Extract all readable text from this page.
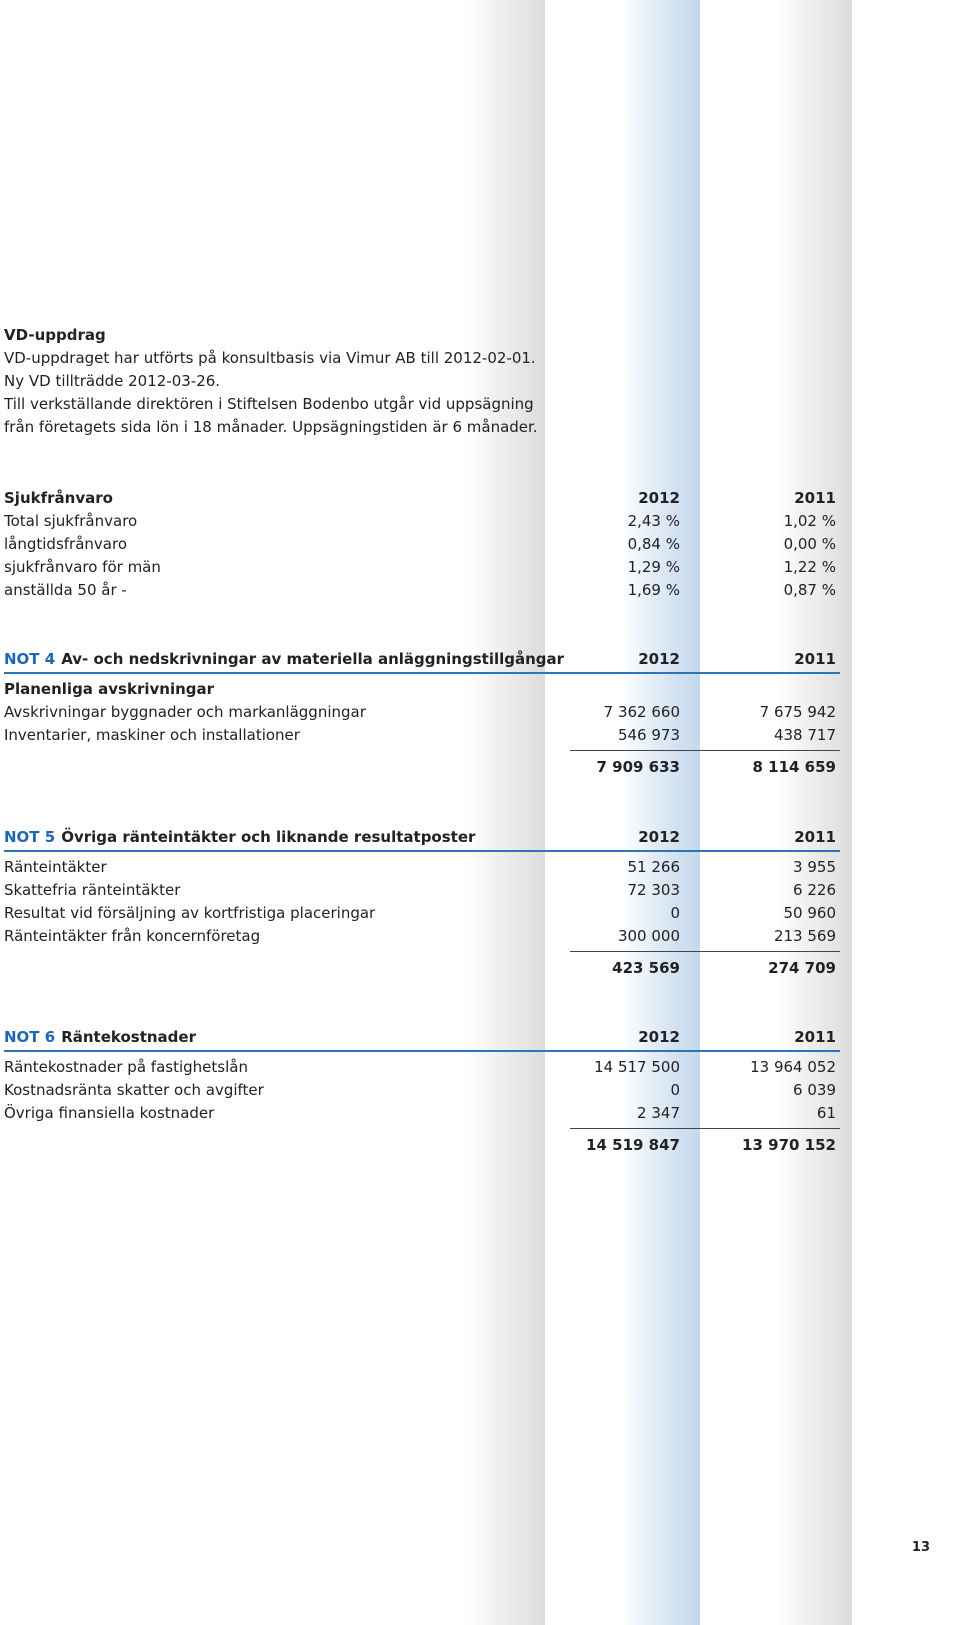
VD-uppdrag

VD-uppdraget har utförts på konsultbasis via Vimur AB till 2012-02-01.

Ny VD tillträdde 2012-03-26.

Till verkställande direktören i Stiftelsen Bodenbo utgår vid uppsägning

från företagets sida lön i 18 månader. Uppsägningstiden är 6 månader.

Sjukfrånvaro	2012	2011
Total sjukfrånvaro	2,43 %	1,02 %
långtidsfrånvaro	0,84 %	0,00 %
sjukfrånvaro för män	1,29 %	1,22 %
anställda 50 år -	1,69 %	0,87 %
NOT 4 Av- och nedskrivningar av materiella anläggningstillgångar	2012	2011
Planenliga avskrivningar
Avskrivningar byggnader och markanläggningar	7 362 660	7 675 942
Inventarier, maskiner och installationer	546 973	438 717
7 909 633	8 114 659
NOT 5 Övriga ränteintäkter och liknande resultatposter	2012	2011
Ränteintäkter	51 266	3 955
Skattefria ränteintäkter	72 303	6 226
Resultat vid försäljning av kortfristiga placeringar	0	50 960
Ränteintäkter från koncernföretag	300 000	213 569
423 569	274 709
NOT 6 Räntekostnader	2012	2011
Räntekostnader på fastighetslån	14 517 500	13 964 052
Kostnadsränta skatter och avgifter	0	6 039
Övriga finansiella kostnader	2 347	61
14 519 847	13 970 152
13
